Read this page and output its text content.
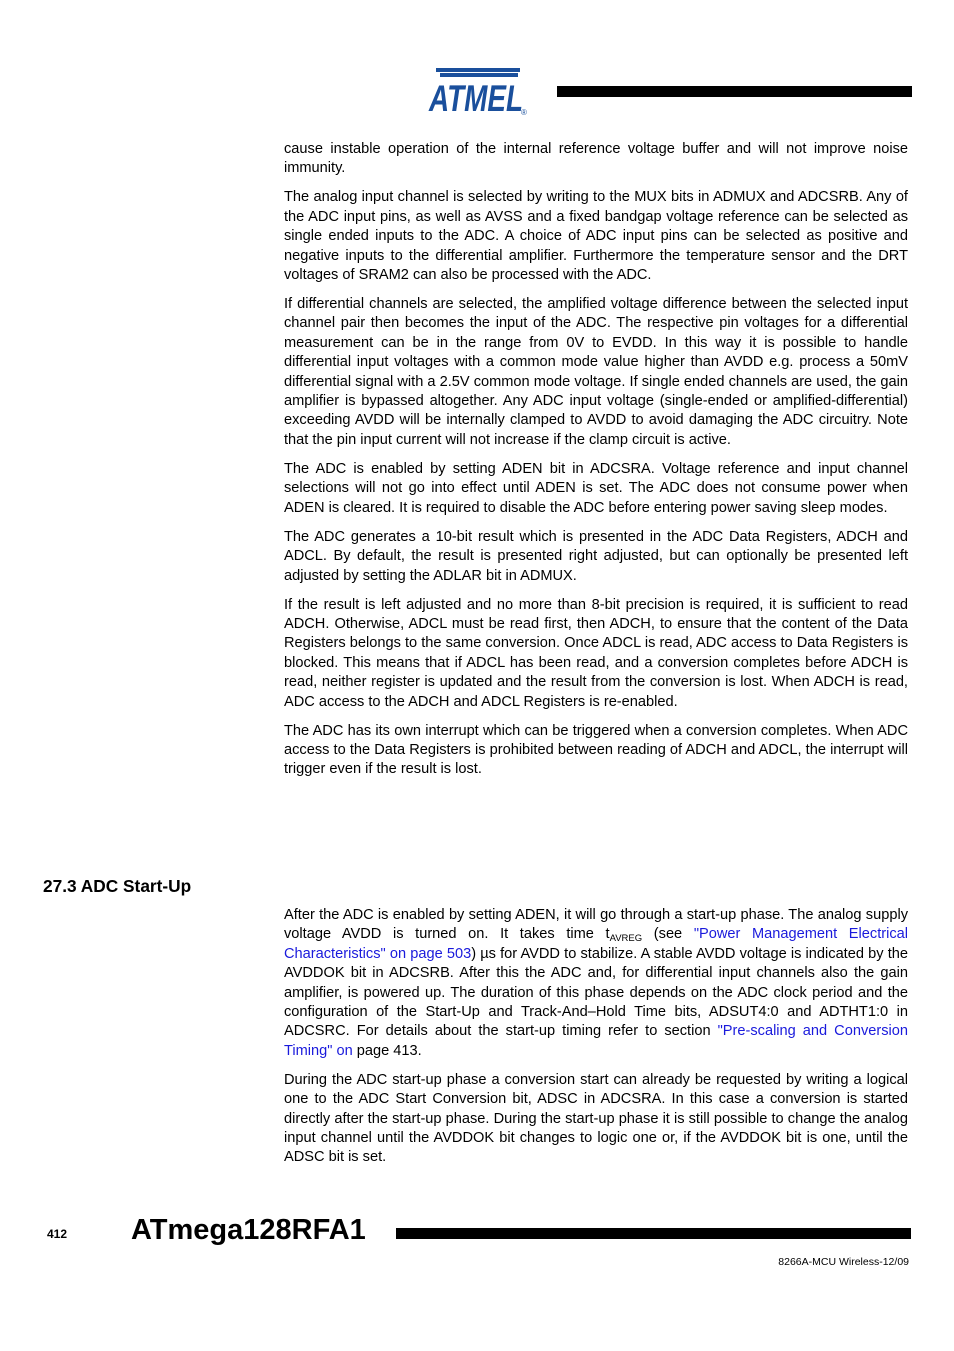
ATMEL
®

cause instable operation of the internal reference voltage buffer and will not improve noise immunity.

The analog input channel is selected by writing to the MUX bits in ADMUX and ADCSRB. Any of the ADC input pins, as well as AVSS and a fixed bandgap voltage reference can be selected as single ended inputs to the ADC. A choice of ADC input pins can be selected as positive and negative inputs to the differential amplifier. Furthermore the temperature sensor and the DRT voltages of SRAM2 can also be processed with the ADC.

If differential channels are selected, the amplified voltage difference between the selected input channel pair then becomes the input of the ADC. The respective pin voltages for a differential measurement can be in the range from 0V to EVDD. In this way it is possible to handle differential input voltages with a common mode value higher than AVDD e.g. process a 50mV differential signal with a 2.5V common mode voltage. If single ended channels are used, the gain amplifier is bypassed altogether. Any ADC input voltage (single-ended or amplified-differential) exceeding AVDD will be internally clamped to AVDD to avoid damaging the ADC circuitry. Note that the pin input current will not increase if the clamp circuit is active.

The ADC is enabled by setting ADEN bit in ADCSRA. Voltage reference and input channel selections will not go into effect until ADEN is set. The ADC does not consume power when ADEN is cleared. It is required to disable the ADC before entering power saving sleep modes.

The ADC generates a 10-bit result which is presented in the ADC Data Registers, ADCH and ADCL. By default, the result is presented right adjusted, but can optionally be presented left adjusted by setting the ADLAR bit in ADMUX.

If the result is left adjusted and no more than 8-bit precision is required, it is sufficient to read ADCH. Otherwise, ADCL must be read first, then ADCH, to ensure that the content of the Data Registers belongs to the same conversion. Once ADCL is read, ADC access to Data Registers is blocked. This means that if ADCL has been read, and a conversion completes before ADCH is read, neither register is updated and the result from the conversion is lost. When ADCH is read, ADC access to the ADCH and ADCL Registers is re-enabled.

The ADC has its own interrupt which can be triggered when a conversion completes. When ADC access to the Data Registers is prohibited between reading of ADCH and ADCL, the interrupt will trigger even if the result is lost.

27.3 ADC Start-Up

After the ADC is enabled by setting ADEN, it will go through a start-up phase. The analog supply voltage AVDD is turned on. It takes time $t_{AVREG}$ (see "Power Management Electrical Characteristics" on page 503) µs for AVDD to stabilize. A stable AVDD voltage is indicated by the AVDDOK bit in ADCSRB. After this the ADC and, for differential input channels also the gain amplifier, is powered up. The duration of this phase depends on the ADC clock period and the configuration of the Start-Up and Track-And–Hold Time bits, ADSUT4:0 and ADTHT1:0 in ADCSRC. For details about the start-up timing refer to section "Pre-scaling and Conversion Timing" on page 413.

During the ADC start-up phase a conversion start can already be requested by writing a logical one to the ADC Start Conversion bit, ADSC in ADCSRA. In this case a conversion is started directly after the start-up phase. During the start-up phase it is still possible to change the analog input channel until the AVDDOK bit changes to logic one or, if the AVDDOK bit is one, until the ADSC bit is set.

412 ATmega128RFA1
8266A-MCU Wireless-12/09
